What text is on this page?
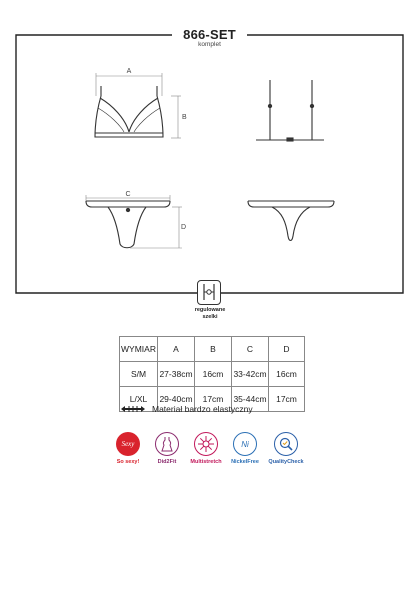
866-SET
komplet
A
B
C
D
regulowane
szelki
WYMIAR	A	B	C	D
S/M	27-38cm	16cm	33-42cm	16cm
L/XL	29-40cm	17cm	35-44cm	17cm
Materiał bardzo elastyczny
Sexy
So sexy!	Did2Fit	Multistretch
Ni
NickelFree	QualityCheck
